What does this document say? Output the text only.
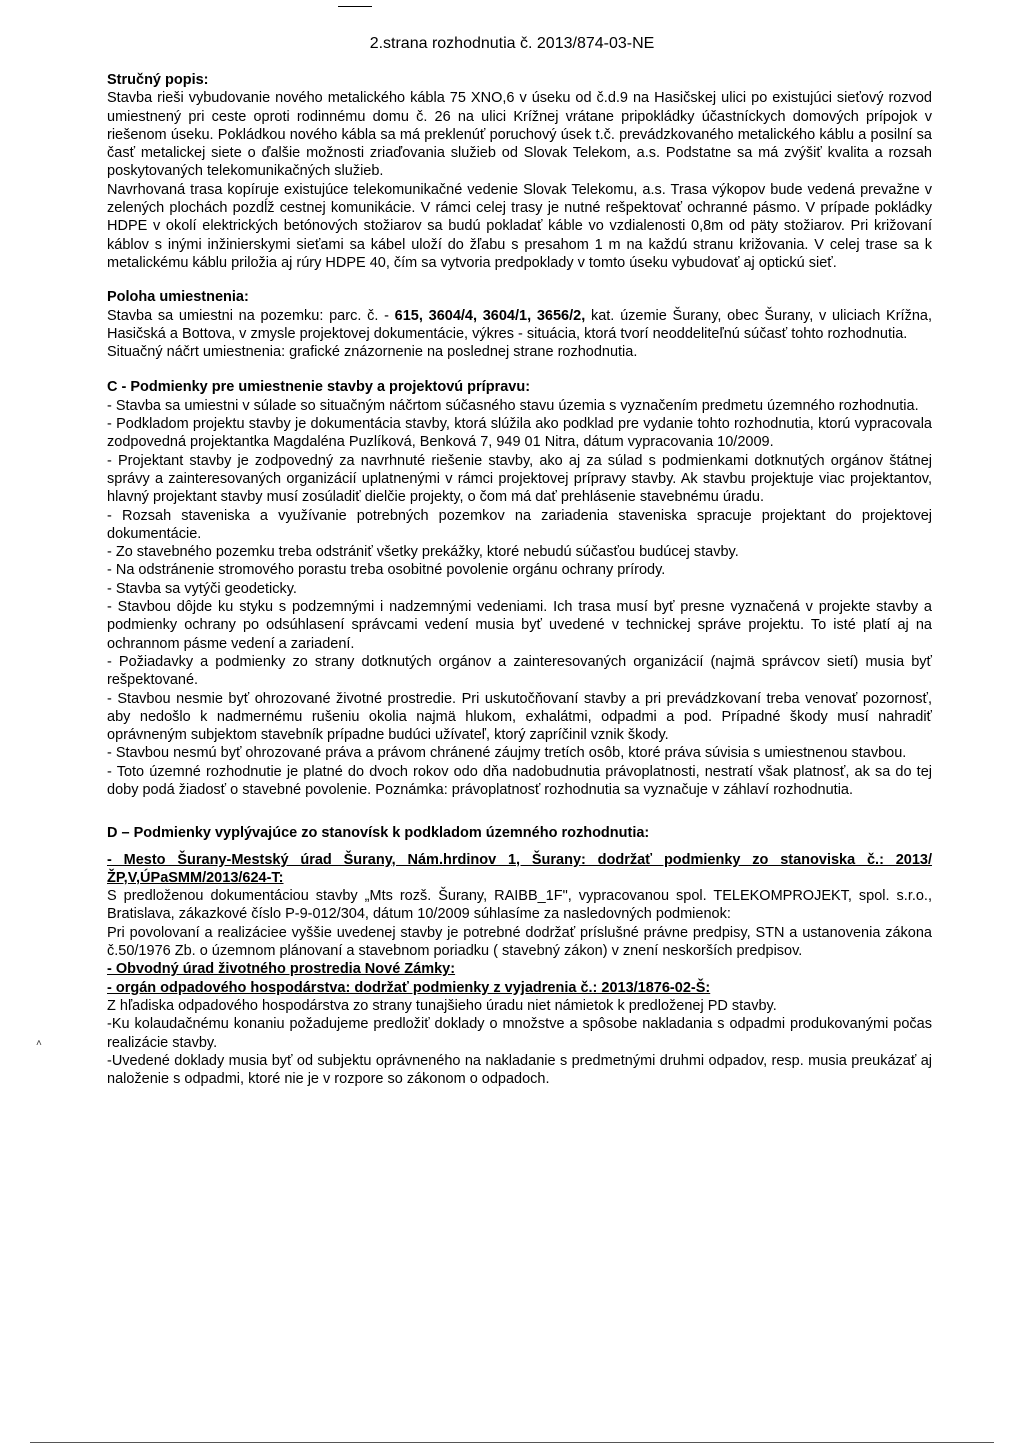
2.strana rozhodnutia č. 2013/874-03-NE

Stručný popis:

Stavba rieši vybudovanie nového metalického kábla 75 XNO,6 v úseku od č.d.9 na Hasičskej ulici po existujúci sieťový rozvod umiestnený pri ceste oproti rodinnému domu č. 26 na ulici Krížnej vrátane pripokládky účastníckych domových prípojok v riešenom úseku. Pokládkou nového kábla sa má preklenúť poruchový úsek t.č. prevádzkovaného metalického káblu a posilní sa časť metalickej siete o ďalšie možnosti zriaďovania služieb od Slovak Telekom, a.s. Podstatne sa má zvýšiť kvalita a rozsah poskytovaných telekomunikačných služieb.

Navrhovaná trasa kopíruje existujúce telekomunikačné vedenie Slovak Telekomu, a.s. Trasa výkopov bude vedená prevažne v zelených plochách pozdĺž cestnej komunikácie. V rámci celej trasy je nutné rešpektovať ochranné pásmo. V prípade pokládky HDPE v okolí elektrických betónových stožiarov sa budú pokladať káble vo vzdialenosti 0,8m od päty stožiarov. Pri križovaní káblov s inými inžinierskymi sieťami sa kábel uloží do žľabu s presahom 1 m na každú stranu križovania. V celej trase sa k metalickému káblu priložia aj rúry HDPE 40, čím sa vytvoria predpoklady v tomto úseku vybudovať aj optickú sieť.

Poloha umiestnenia:

Stavba sa umiestni na pozemku: parc. č. - 615, 3604/4, 3604/1, 3656/2, kat. územie Šurany, obec Šurany, v uliciach Krížna, Hasičská a Bottova, v zmysle projektovej dokumentácie, výkres - situácia, ktorá tvorí neoddeliteľnú súčasť tohto rozhodnutia.

Situačný náčrt umiestnenia: grafické znázornenie na poslednej strane rozhodnutia.

C - Podmienky pre umiestnenie stavby a projektovú prípravu:

- Stavba sa umiestni v súlade so situačným náčrtom súčasného stavu územia s vyznačením predmetu územného rozhodnutia.

- Podkladom projektu stavby je dokumentácia stavby, ktorá slúžila ako podklad pre vydanie tohto rozhodnutia, ktorú vypracovala zodpovedná projektantka Magdaléna Puzlíková, Benková 7, 949 01 Nitra, dátum vypracovania 10/2009.

- Projektant stavby je zodpovedný za navrhnuté riešenie stavby, ako aj za súlad s podmienkami dotknutých orgánov štátnej správy a zainteresovaných organizácií uplatnenými v rámci projektovej prípravy stavby. Ak stavbu projektuje viac projektantov, hlavný projektant stavby musí zosúladiť dielčie projekty, o čom má dať prehlásenie stavebnému úradu.

- Rozsah staveniska a využívanie potrebných pozemkov na zariadenia staveniska spracuje projektant do projektovej dokumentácie.

- Zo stavebného pozemku treba odstrániť všetky prekážky, ktoré nebudú súčasťou budúcej stavby.

- Na odstránenie stromového porastu treba osobitné povolenie orgánu ochrany prírody.

- Stavba sa vytýči geodeticky.

- Stavbou dôjde ku styku s podzemnými i nadzemnými vedeniami. Ich trasa musí byť presne vyznačená v projekte stavby a podmienky ochrany po odsúhlasení správcami vedení musia byť uvedené v technickej správe projektu. To isté platí aj na ochrannom pásme vedení a zariadení.

- Požiadavky a podmienky zo strany dotknutých orgánov a zainteresovaných organizácií (najmä správcov sietí) musia byť rešpektované.

- Stavbou nesmie byť ohrozované životné prostredie. Pri uskutočňovaní stavby a pri prevádzkovaní treba venovať pozornosť, aby nedošlo k nadmernému rušeniu okolia najmä hlukom, exhalátmi, odpadmi a pod. Prípadné škody musí nahradiť oprávneným subjektom stavebník prípadne budúci užívateľ, ktorý zapríčinil vznik škody.

- Stavbou nesmú byť ohrozované práva a právom chránené záujmy tretích osôb, ktoré práva súvisia s umiestnenou stavbou.

- Toto územné rozhodnutie je platné do dvoch rokov odo dňa nadobudnutia právoplatnosti, nestratí však platnosť, ak sa do tej doby podá žiadosť o stavebné povolenie. Poznámka: právoplatnosť rozhodnutia sa vyznačuje v záhlaví rozhodnutia.

D – Podmienky vyplývajúce zo stanovísk k podkladom územného rozhodnutia:

- Mesto Šurany-Mestský úrad Šurany, Nám.hrdinov 1, Šurany: dodržať podmienky zo stanoviska č.: 2013/ŽP,V,ÚPaSMM/2013/624-T:

S predloženou dokumentáciou stavby „Mts rozš. Šurany, RAIBB_1F", vypracovanou spol. TELEKOMPROJEKT, spol. s.r.o., Bratislava, zákazkové číslo P-9-012/304, dátum 10/2009 súhlasíme za nasledovných podmienok:

Pri povolovaní a realizáciee vyššie uvedenej stavby je potrebné dodržať príslušné právne predpisy, STN a ustanovenia zákona č.50/1976 Zb. o územnom plánovaní a stavebnom poriadku ( stavebný zákon) v znení neskorších predpisov.

- Obvodný úrad životného prostredia Nové Zámky:

- orgán odpadového hospodárstva: dodržať podmienky z vyjadrenia č.: 2013/1876-02-Š:

Z hľadiska odpadového hospodárstva zo strany tunajšieho úradu niet námietok k predloženej PD stavby.

-Ku kolaudačnému konaniu požadujeme predložiť doklady o množstve a spôsobe nakladania s odpadmi produkovanými počas realizácie stavby.

-Uvedené doklady musia byť od subjektu oprávneného na nakladanie s predmetnými druhmi odpadov, resp. musia preukázať aj naloženie s odpadmi, ktoré nie je v rozpore so zákonom o odpadoch.

˄
